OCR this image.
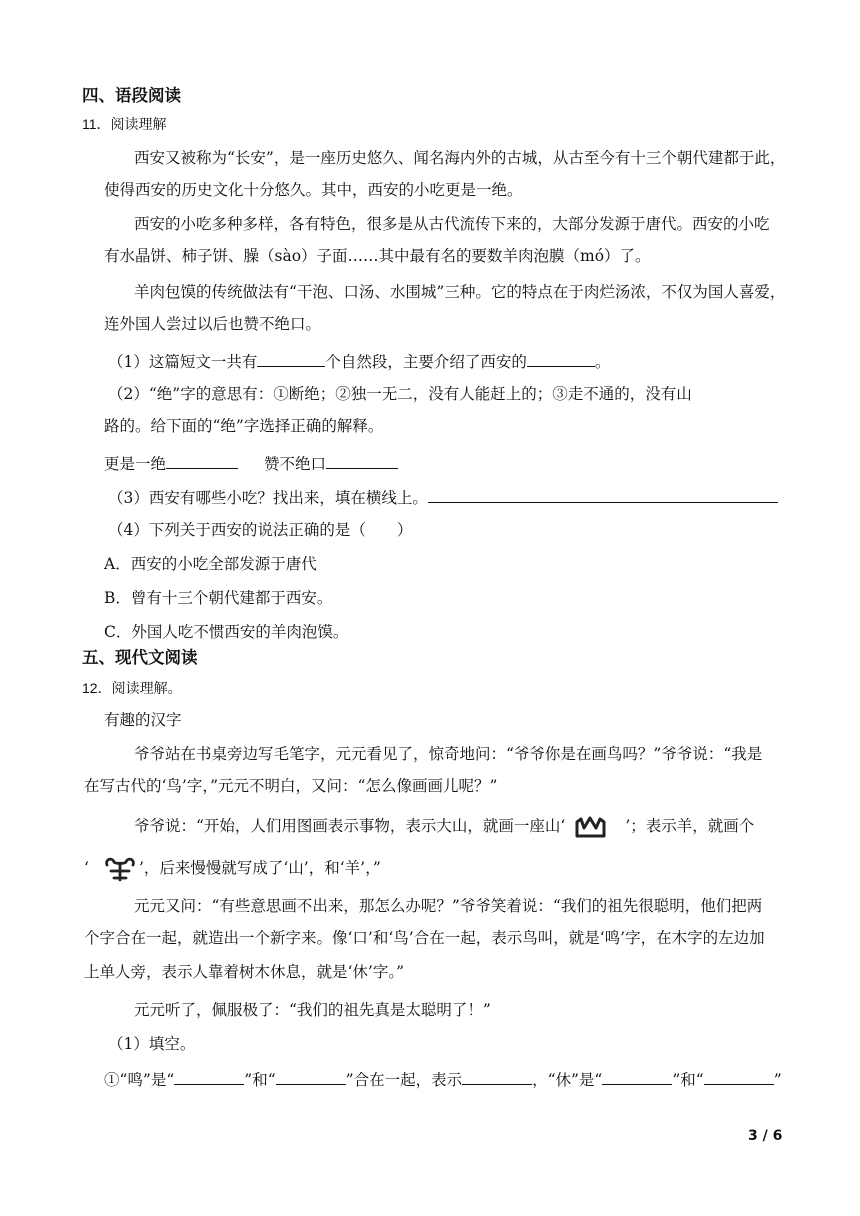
四、语段阅读
11．阅读理解
西安又被称为“长安”，是一座历史悠久、闻名海内外的古城，从古至今有十三个朝代建都于此，
使得西安的历史文化十分悠久。其中，西安的小吃更是一绝。
西安的小吃多种多样，各有特色，很多是从古代流传下来的，大部分发源于唐代。西安的小吃
有水晶饼、柿子饼、臊（sào）子面……其中最有名的要数羊肉泡膜（mó）了。
羊肉包馍的传统做法有“干泡、口汤、水围城”三种。它的特点在于肉烂汤浓，不仅为国人喜爱，
连外国人尝过以后也赞不绝口。
（1）这篇短文一共有	个自然段，主要介绍了西安的	。
（2）“绝”字的意思有：①断绝；②独一无二，没有人能赶上的；③走不通的，没有山
路的。给下面的“绝”字选择正确的解释。
更是一绝	赞不绝口
（3）西安有哪些小吃？找出来，填在横线上。
（4）下列关于西安的说法正确的是（　　）
A．西安的小吃全部发源于唐代
B．曾有十三个朝代建都于西安。
C．外国人吃不惯西安的羊肉泡馍。
五、现代文阅读
12．阅读理解。
有趣的汉字
爷爷站在书桌旁边写毛笔字，元元看见了，惊奇地问：“爷爷你是在画鸟吗？”爷爷说：“我是
在写古代的‘鸟’字，”元元不明白，又问：“怎么像画画儿呢？”
爷爷说：“开始，人们用图画表示事物，表示大山，就画一座山‘	’；表示羊，就画个
‘	’，后来慢慢就写成了‘山’，和‘羊’，”
元元又问：“有些意思画不出来，那怎么办呢？”爷爷笑着说：“我们的祖先很聪明，他们把两
个字合在一起，就造出一个新字来。像‘口’和‘鸟’合在一起，表示鸟叫，就是‘鸣’字，在木字的左边加
上单人旁，表示人靠着树木休息，就是‘休’字。”
元元听了，佩服极了：“我们的祖先真是太聪明了！”
（1）填空。
①“鸣”是“	”和“	”合在一起，表示	，“休”是“	”和“	”
3 / 6
